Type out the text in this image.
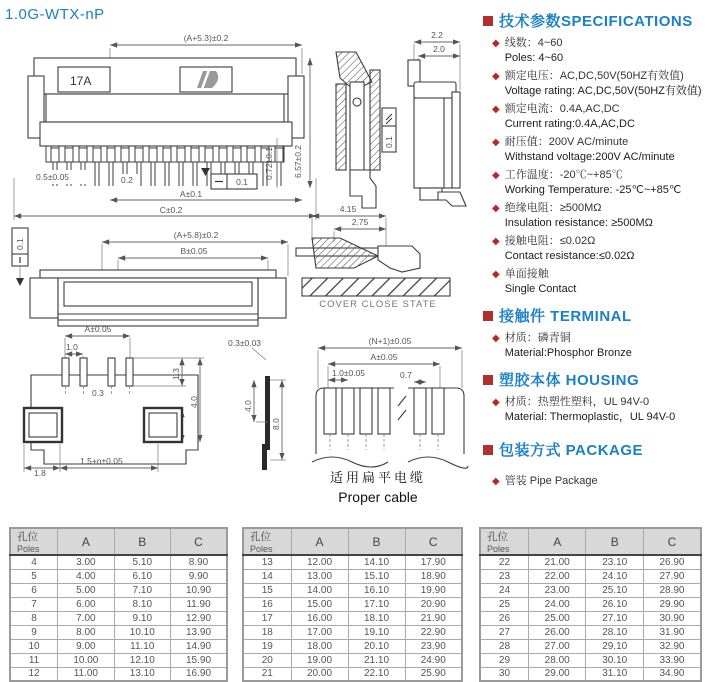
1.0G-WTX-nP
(A+5.3)±0.2
17A
0.5±0.05	0.2	0.1
A±0.1
C±0.2
0.72±0.1 6.57±0.2
0.1
2.2
2.0
0.1
(A+5.8)±0.2
B±0.05
4.15
2.75
COVER CLOSE STATE
A±0.05
1.0
0.3
1.3
4.0
1.8
1.5+n±0.05
0.3±0.03
4.0
8.0
(N+1)±0.05
A±0.05
1.0±0.05	0.7
适用扁平电缆
Proper cable
技术参数SPECIFICATIONS
◆ 线数：4~60
Poles: 4~60
◆ 额定电压：AC,DC,50V(50HZ有效值)
Voltage rating: AC,DC,50V(50HZ有效值)
◆ 额定电流：0.4A,AC,DC
Current rating:0.4A,AC,DC
◆ 耐压值：200V AC/minute
Withstand voltage:200V AC/minute
◆ 工作温度：-20℃~+85℃
Working Temperature: -25℃~+85℃
◆ 绝缘电阻：≥500MΩ
Insulation resistance: ≥500MΩ
◆ 接触电阻：≤0.02Ω
Contact resistance:≤0.02Ω
◆ 单面接触
Single Contact
接触件 TERMINAL
◆ 材质：磷青铜
Material:Phosphor Bronze
塑胶本体 HOUSING
◆ 材质：热塑性塑料，UL 94V-0
Material: Thermoplastic，UL 94V-0
包装方式 PACKAGE
◆ 管装 Pipe Package
孔位
Poles	A	B	C
4	3.00	5.10	8.90
5	4.00	6.10	9.90
6	5.00	7.10	10.90
7	6.00	8.10	11.90
8	7.00	9.10	12.90
9	8.00	10.10	13.90
10	9.00	11.10	14.90
11	10.00	12.10	15.90
12	11.00	13.10	16.90
孔位
Poles	A	B	C
13	12.00	14.10	17.90
14	13.00	15.10	18.90
15	14.00	16.10	19.90
16	15.00	17.10	20.90
17	16.00	18.10	21.90
18	17.00	19.10	22.90
19	18.00	20.10	23.90
20	19.00	21.10	24.90
21	20.00	22.10	25.90
孔位
Poles	A	B	C
22	21.00	23.10	26.90
23	22.00	24.10	27.90
24	23.00	25.10	28.90
25	24.00	26.10	29.90
26	25.00	27.10	30.90
27	26.00	28.10	31.90
28	27.00	29.10	32.90
29	28.00	30.10	33.90
30	29.00	31.10	34.90
